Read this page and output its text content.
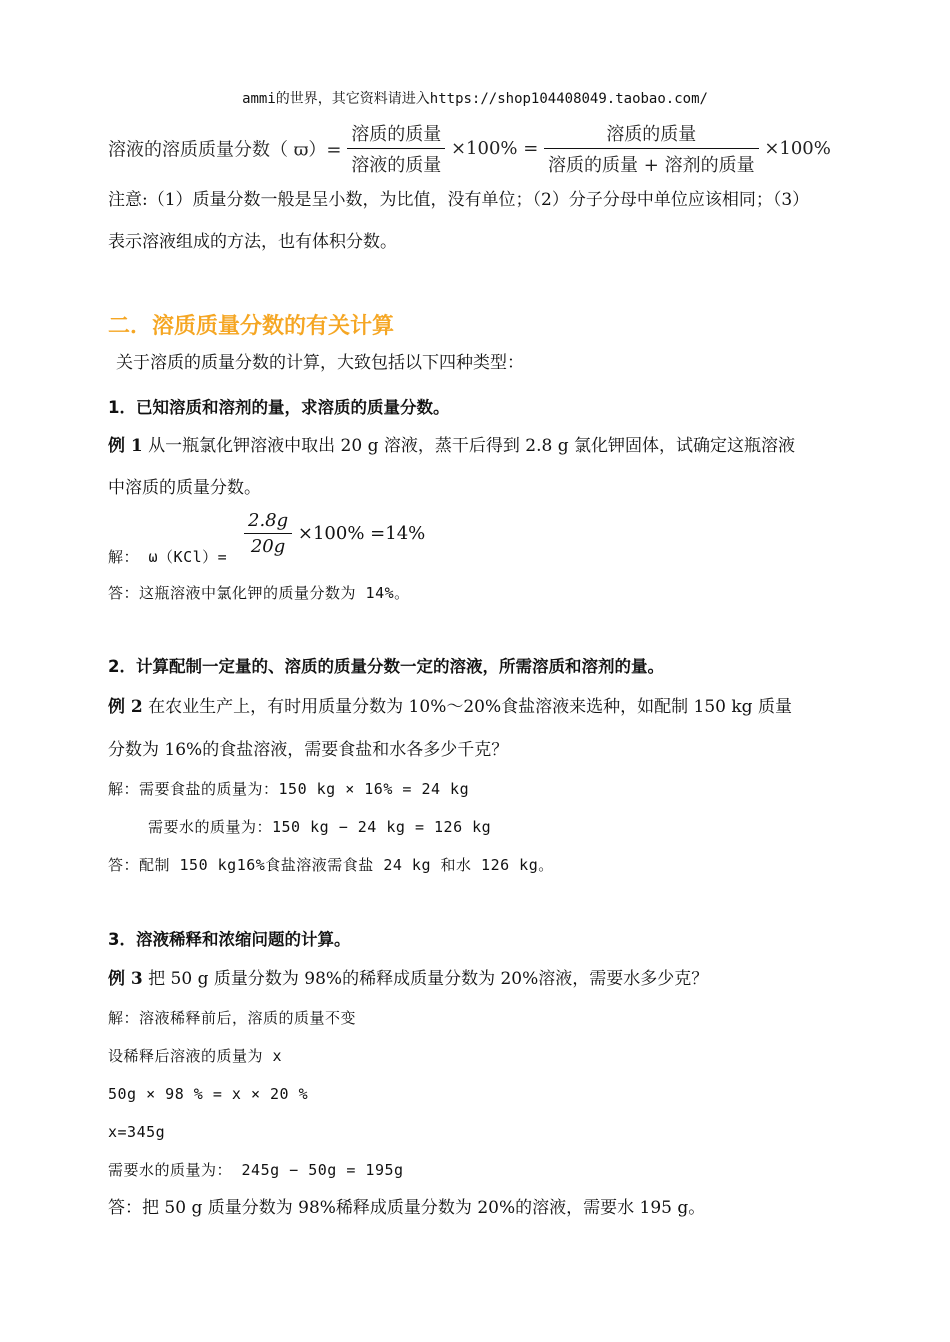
ammi的世界，其它资料请进入https://shop104408049.taobao.com/
溶液的溶质质量分数（ $ϖ)= \frac{\text{溶质的质量}}{\text{溶液的质量}} \times 100\% = \frac{\text{溶质的质量}}{\text{溶质的质量 + 溶剂的质量}} \times 100\%$
注意:（1）质量分数一般是呈小数，为比值，没有单位；（2）分子分母中单位应该相同；（3）
表示溶液组成的方法，也有体积分数。
二．溶质质量分数的有关计算
关于溶质的质量分数的计算，大致包括以下四种类型：
1．已知溶质和溶剂的量，求溶质的质量分数。
例 1 从一瓶氯化钾溶液中取出 20 g 溶液，蒸干后得到 2.8 g 氯化钾固体，试确定这瓶溶液
中溶质的质量分数。
解： $\omega(KCl)= \frac{2.8g}{20g} \times 100\% =14\%$
答：这瓶溶液中氯化钾的质量分数为 14%。
2．计算配制一定量的、溶质的质量分数一定的溶液，所需溶质和溶剂的量。
例 2 在农业生产上，有时用质量分数为 10%～20%食盐溶液来选种，如配制 150 kg 质量
分数为 16%的食盐溶液，需要食盐和水各多少千克？
解：需要食盐的质量为：150 kg × 16% = 24 kg
需要水的质量为：150 kg − 24 kg = 126 kg
答：配制 150 kg16%食盐溶液需食盐 24 kg 和水 126 kg。
3．溶液稀释和浓缩问题的计算。
例 3 把 50 g 质量分数为 98%的稀释成质量分数为 20%溶液，需要水多少克？
解：溶液稀释前后，溶质的质量不变
设稀释后溶液的质量为 x
50g × 98 % = x × 20 %
x=345g
需要水的质量为： 245g − 50g = 195g
答：把 50 g 质量分数为 98%稀释成质量分数为 20%的溶液，需要水 195 g。
